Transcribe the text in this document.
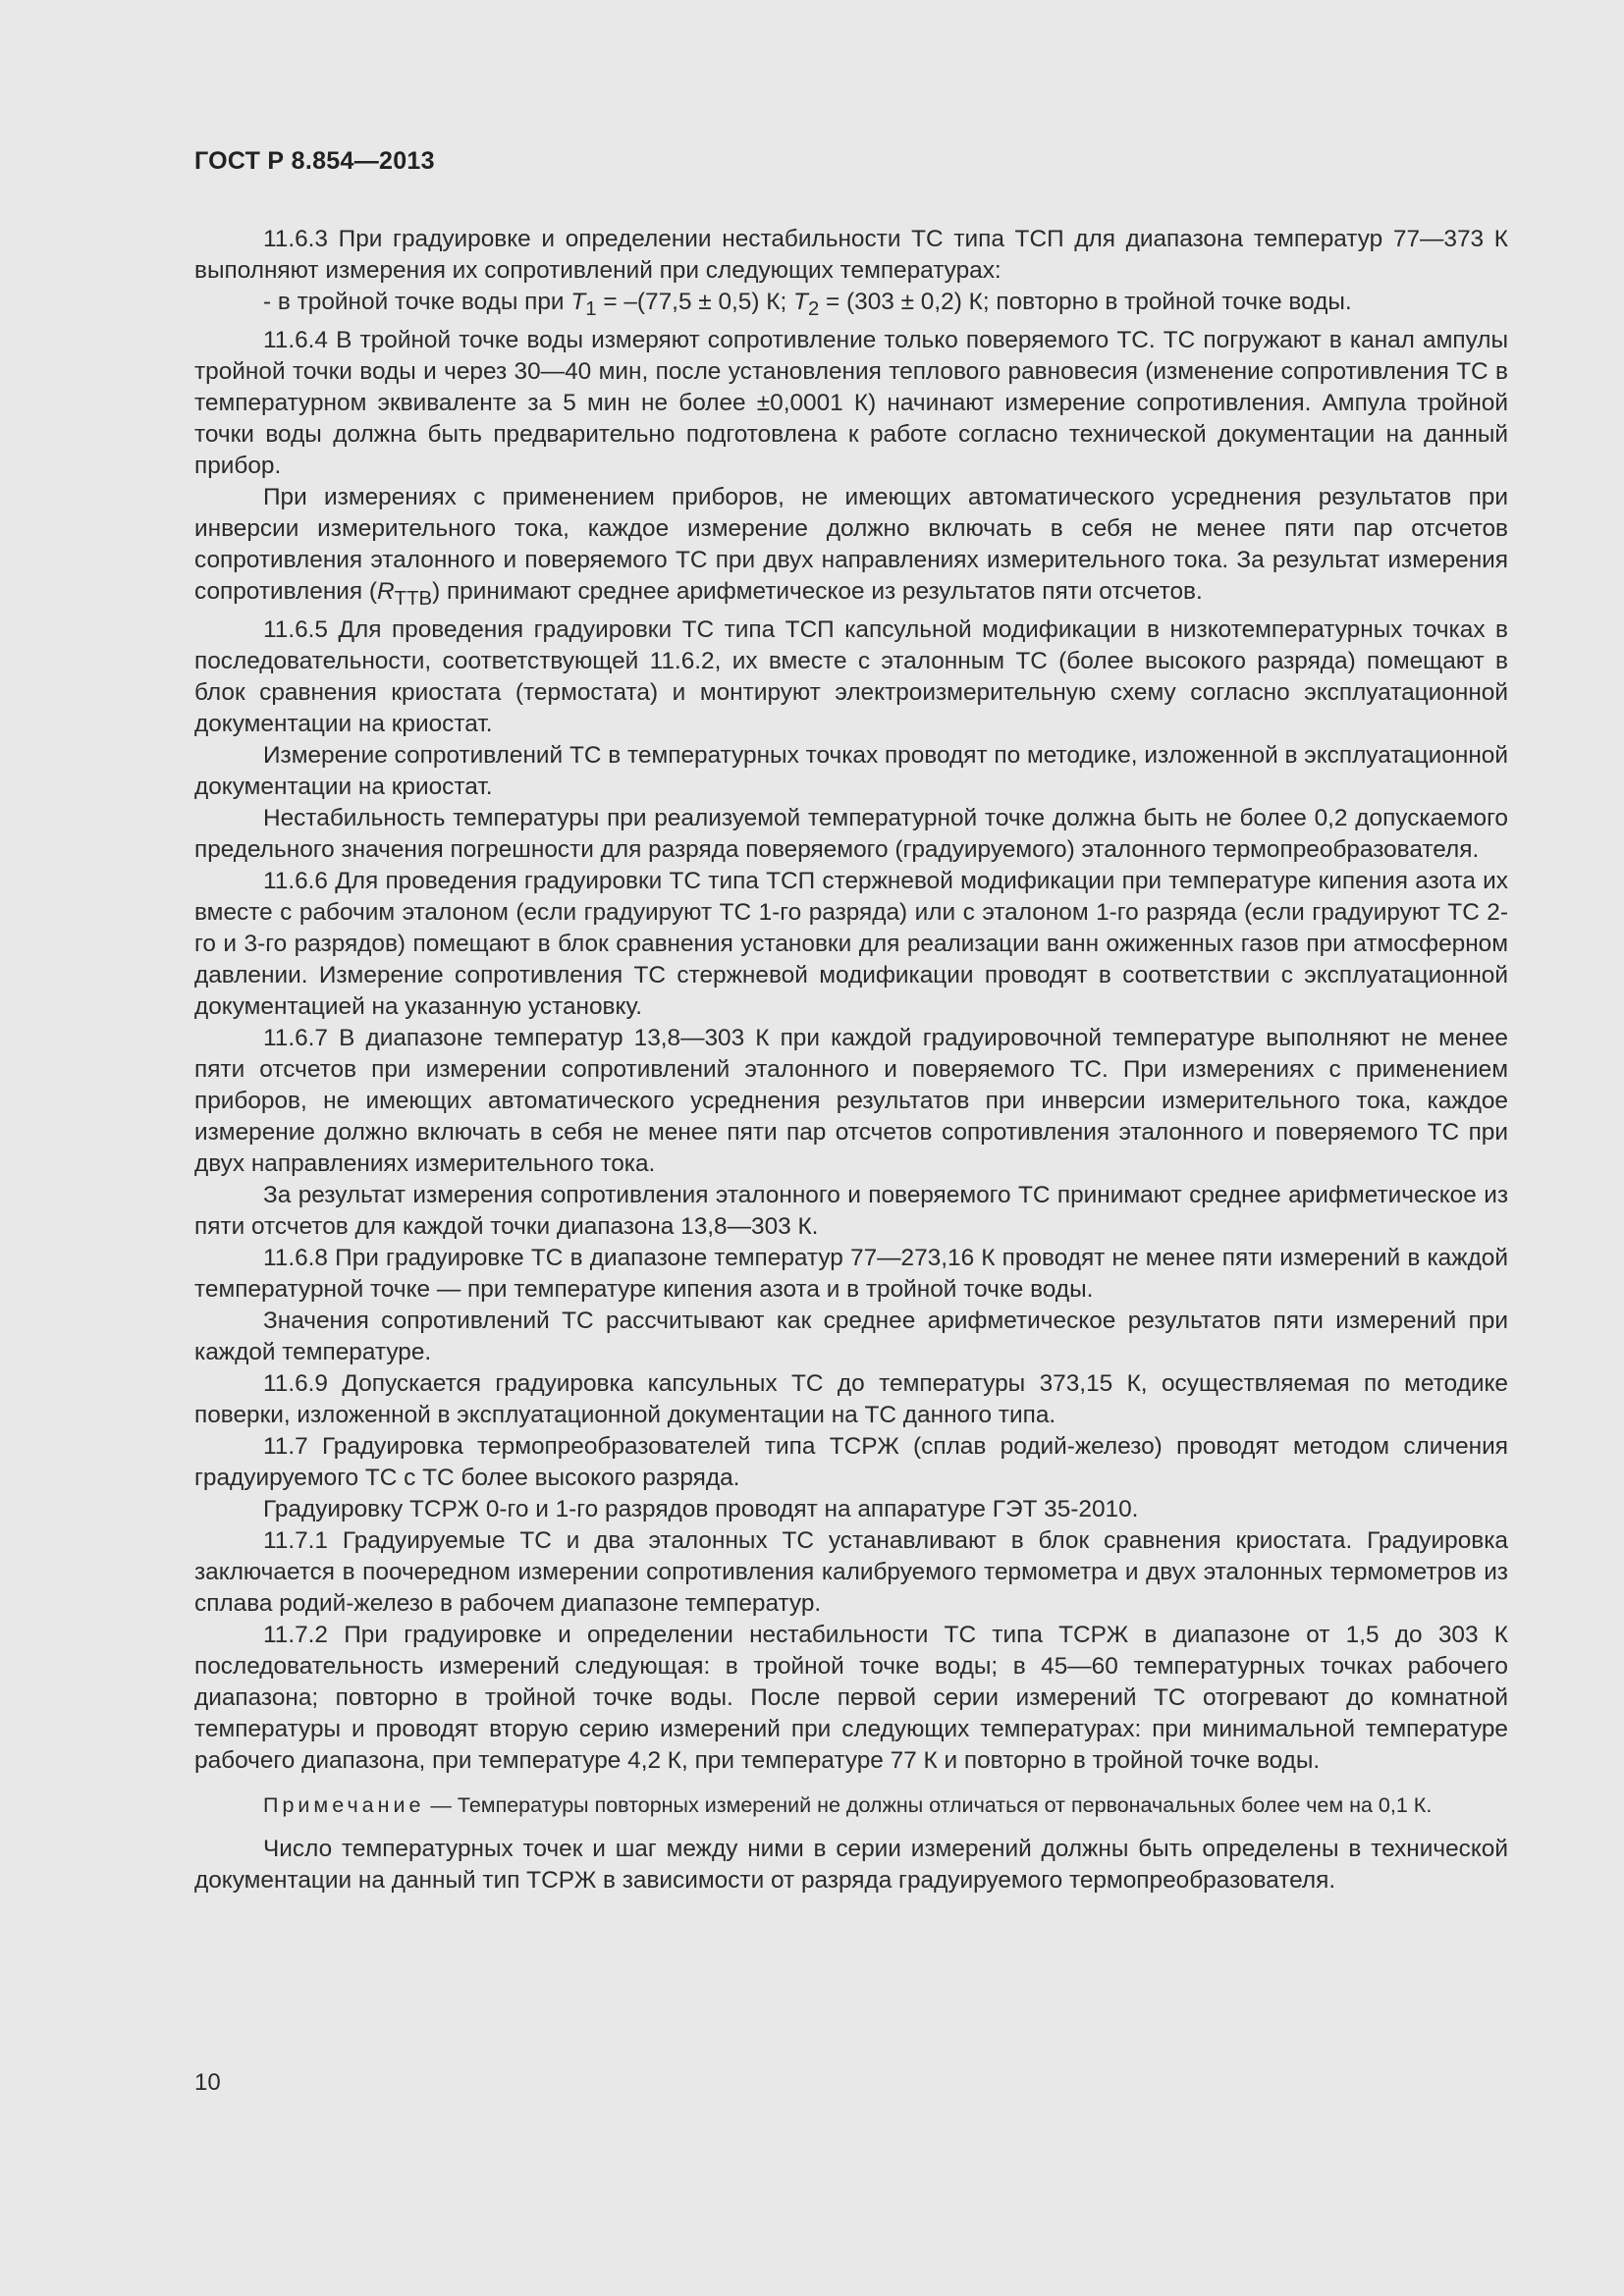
ГОСТ Р 8.854—2013

11.6.3 При градуировке и определении нестабильности ТС типа ТСП для диапазона температур 77—373 К выполняют измерения их сопротивлений при следующих температурах:

- в тройной точке воды при $T_1 = -(77,5 \pm 0,5)$ К; $T_2 = (303 \pm 0,2)$ К; повторно в тройной точке воды.

11.6.4 В тройной точке воды измеряют сопротивление только поверяемого ТС. ТС погружают в канал ампулы тройной точки воды и через 30—40 мин, после установления теплового равновесия (изменение сопротивления ТС в температурном эквиваленте за 5 мин не более ±0,0001 К) начинают измерение сопротивления. Ампула тройной точки воды должна быть предварительно подготовлена к работе согласно технической документации на данный прибор.

При измерениях с применением приборов, не имеющих автоматического усреднения результатов при инверсии измерительного тока, каждое измерение должно включать в себя не менее пяти пар отсчетов сопротивления эталонного и поверяемого ТС при двух направлениях измерительного тока. За результат измерения сопротивления $(R_{ТТВ})$ принимают среднее арифметическое из результатов пяти отсчетов.

11.6.5 Для проведения градуировки ТС типа ТСП капсульной модификации в низкотемпературных точках в последовательности, соответствующей 11.6.2, их вместе с эталонным ТС (более высокого разряда) помещают в блок сравнения криостата (термостата) и монтируют электроизмерительную схему согласно эксплуатационной документации на криостат.

Измерение сопротивлений ТС в температурных точках проводят по методике, изложенной в эксплуатационной документации на криостат.

Нестабильность температуры при реализуемой температурной точке должна быть не более 0,2 допускаемого предельного значения погрешности для разряда поверяемого (градуируемого) эталонного термопреобразователя.

11.6.6 Для проведения градуировки ТС типа ТСП стержневой модификации при температуре кипения азота их вместе с рабочим эталоном (если градуируют ТС 1-го разряда) или с эталоном 1-го разряда (если градуируют ТС 2-го и 3-го разрядов) помещают в блок сравнения установки для реализации ванн ожиженных газов при атмосферном давлении. Измерение сопротивления ТС стержневой модификации проводят в соответствии с эксплуатационной документацией на указанную установку.

11.6.7 В диапазоне температур 13,8—303 К при каждой градуировочной температуре выполняют не менее пяти отсчетов при измерении сопротивлений эталонного и поверяемого ТС. При измерениях с применением приборов, не имеющих автоматического усреднения результатов при инверсии измерительного тока, каждое измерение должно включать в себя не менее пяти пар отсчетов сопротивления эталонного и поверяемого ТС при двух направлениях измерительного тока.

За результат измерения сопротивления эталонного и поверяемого ТС принимают среднее арифметическое из пяти отсчетов для каждой точки диапазона 13,8—303 К.

11.6.8 При градуировке ТС в диапазоне температур 77—273,16 К проводят не менее пяти измерений в каждой температурной точке — при температуре кипения азота и в тройной точке воды.

Значения сопротивлений ТС рассчитывают как среднее арифметическое результатов пяти измерений при каждой температуре.

11.6.9 Допускается градуировка капсульных ТС до температуры 373,15 К, осуществляемая по методике поверки, изложенной в эксплуатационной документации на ТС данного типа.

11.7 Градуировка термопреобразователей типа ТСРЖ (сплав родий-железо) проводят методом сличения градуируемого ТС с ТС более высокого разряда.

Градуировку ТСРЖ 0-го и 1-го разрядов проводят на аппаратуре ГЭТ 35-2010.

11.7.1 Градуируемые ТС и два эталонных ТС устанавливают в блок сравнения криостата. Градуировка заключается в поочередном измерении сопротивления калибруемого термометра и двух эталонных термометров из сплава родий-железо в рабочем диапазоне температур.

11.7.2 При градуировке и определении нестабильности ТС типа ТСРЖ в диапазоне от 1,5 до 303 К последовательность измерений следующая: в тройной точке воды; в 45—60 температурных точках рабочего диапазона; повторно в тройной точке воды. После первой серии измерений ТС отогревают до комнатной температуры и проводят вторую серию измерений при следующих температурах: при минимальной температуре рабочего диапазона, при температуре 4,2 К, при температуре 77 К и повторно в тройной точке воды.

Примечание — Температуры повторных измерений не должны отличаться от первоначальных более чем на 0,1 К.

Число температурных точек и шаг между ними в серии измерений должны быть определены в технической документации на данный тип ТСРЖ в зависимости от разряда градуируемого термопреобразователя.

10
